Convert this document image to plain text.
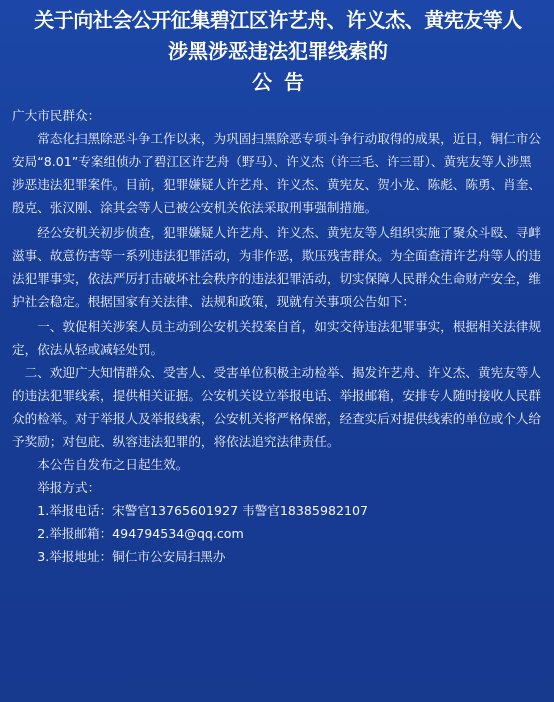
关于向社会公开征集碧江区许艺舟、许义杰、黄宪友等人
涉黑涉恶违法犯罪线索的
公告

广大市民群众：

常态化扫黑除恶斗争工作以来，为巩固扫黑除恶专项斗争行动取得的成果，近日，铜仁市公安局“8.01”专案组侦办了碧江区许艺舟（野马）、许义杰（许三毛、许三哥）、黄宪友等人涉黑涉恶违法犯罪案件。目前，犯罪嫌疑人许艺舟、许义杰、黄宪友、贺小龙、陈彪、陈勇、肖奎、殷克、张汉刚、涂其会等人已被公安机关依法采取刑事强制措施。

经公安机关初步侦查，犯罪嫌疑人许艺舟、许义杰、黄宪友等人组织实施了聚众斗殴、寻衅滋事、故意伤害等一系列违法犯罪活动，为非作恶，欺压残害群众。为全面查清许艺舟等人的违法犯罪事实，依法严厉打击破坏社会秩序的违法犯罪活动，切实保障人民群众生命财产安全，维护社会稳定。根据国家有关法律、法规和政策，现就有关事项公告如下：

一、敦促相关涉案人员主动到公安机关投案自首，如实交待违法犯罪事实，根据相关法律规定，依法从轻或减轻处罚。

二、欢迎广大知情群众、受害人、受害单位积极主动检举、揭发许艺舟、许义杰、黄宪友等人的违法犯罪线索，提供相关证据。公安机关设立举报电话、举报邮箱，安排专人随时接收人民群众的检举。对于举报人及举报线索，公安机关将严格保密，经查实后对提供线索的单位或个人给予奖励；对包庇、纵容违法犯罪的，将依法追究法律责任。

本公告自发布之日起生效。

举报方式：

1.举报电话：宋警官13765601927 韦警官18385982107

2.举报邮箱：494794534@qq.com

3.举报地址：铜仁市公安局扫黑办
